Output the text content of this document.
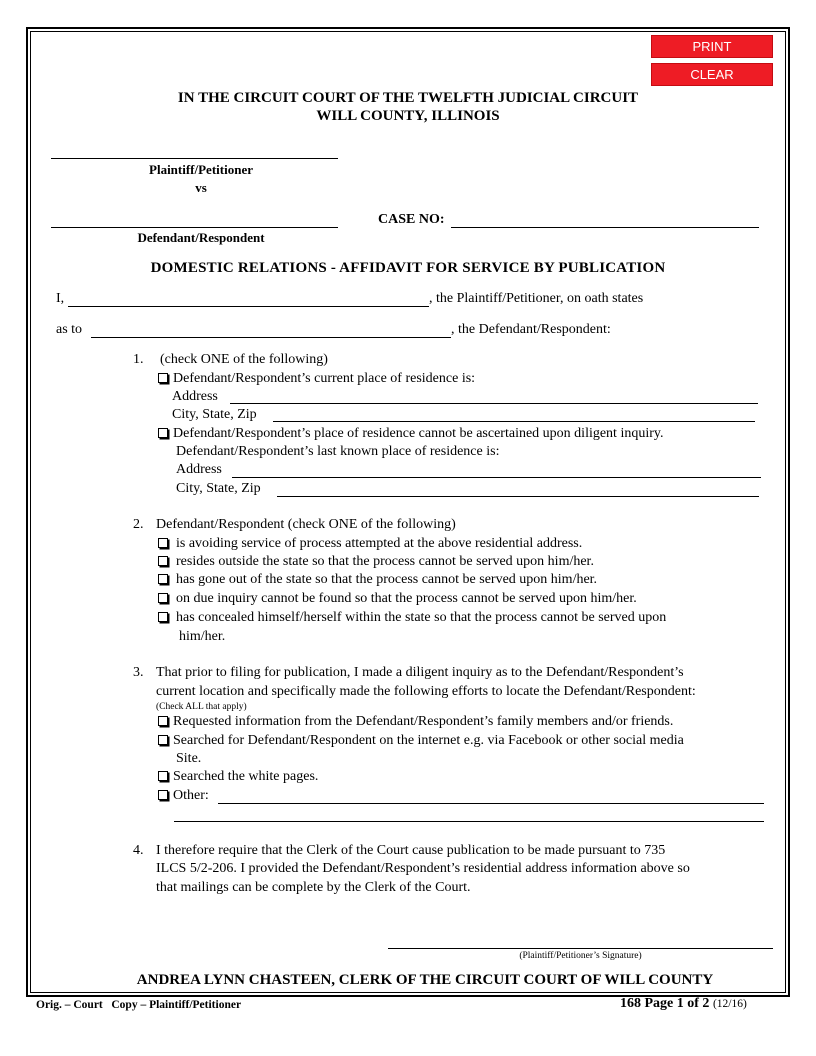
PRINT
CLEAR
IN THE CIRCUIT COURT OF THE TWELFTH JUDICIAL CIRCUIT
WILL COUNTY, ILLINOIS
Plaintiff/Petitioner
vs
Defendant/Respondent
CASE NO:
DOMESTIC RELATIONS - AFFIDAVIT FOR SERVICE BY PUBLICATION
I,	, the Plaintiff/Petitioner, on oath states
as to	, the Defendant/Respondent:
1. (check ONE of the following)
Defendant/Respondent’s current place of residence is:
Address
City, State, Zip
Defendant/Respondent’s place of residence cannot be ascertained upon diligent inquiry.
Defendant/Respondent’s last known place of residence is:
Address
City, State, Zip
2. Defendant/Respondent (check ONE of the following)
is avoiding service of process attempted at the above residential address.
resides outside the state so that the process cannot be served upon him/her.
has gone out of the state so that the process cannot be served upon him/her.
on due inquiry cannot be found so that the process cannot be served upon him/her.
has concealed himself/herself within the state so that the process cannot be served upon
him/her.
3. That prior to filing for publication, I made a diligent inquiry as to the Defendant/Respondent’s
current location and specifically made the following efforts to locate the Defendant/Respondent:
(Check ALL that apply)
Requested information from the Defendant/Respondent’s family members and/or friends.
Searched for Defendant/Respondent on the internet e.g. via Facebook or other social media
Site.
Searched the white pages.
Other:
4. I therefore require that the Clerk of the Court cause publication to be made pursuant to 735
ILCS 5/2-206. I provided the Defendant/Respondent’s residential address information above so
that mailings can be complete by the Clerk of the Court.
(Plaintiff/Petitioner’s Signature)
ANDREA LYNN CHASTEEN, CLERK OF THE CIRCUIT COURT OF WILL COUNTY
Orig. – Court   Copy – Plaintiff/Petitioner	168 Page 1 of 2 (12/16)
